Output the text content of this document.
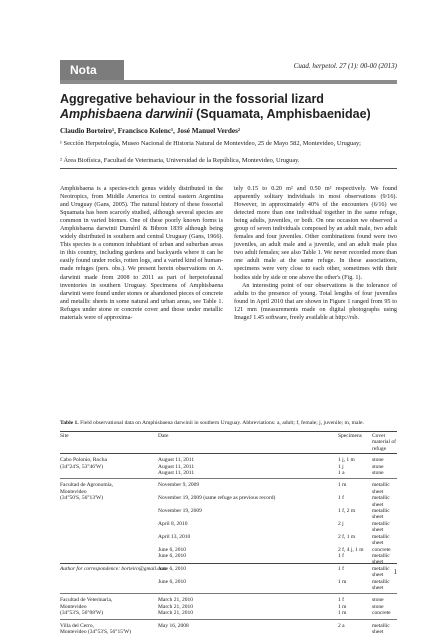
Nota	Cuad. herpetol. 27 (1): 00-00 (2013)
Aggregative behaviour in the fossorial lizard Amphisbaena darwinii (Squamata, Amphisbaenidae)
Claudio Borteiro¹, Francisco Kolenc¹, José Manuel Verdes²
¹ Sección Herpetología, Museo Nacional de Historia Natural de Montevideo, 25 de Mayo 582, Montevideo, Uruguay;
² Área Biofísica, Facultad de Veterinaria, Universidad de la República, Montevideo, Uruguay.

Amphisbaena is a species-rich genus widely distributed in the Neotropics, from Middle America to central eastern Argentina and Uruguay (Gans, 2005). The natural history of these fossorial Squamata has been scarcely studied, although several species are common in varied biomes. One of these poorly known forms is Amphisbaena darwinii Duméril & Bibron 1839 although being widely distributed in southern and central Uruguay (Gans, 1966). This species is a common inhabitant of urban and suburban areas in this country, including gardens and backyards where it can be easily found under rocks, rotten logs, and a varied kind of human-made refuges (pers. obs.). We present herein observations on A. darwinii made from 2008 to 2011 as part of herpetofaunal inventories in southern Uruguay. Specimens of Amphisbaena darwinii were found under stones or abandoned pieces of concrete and metallic sheets in some natural and urban areas, see Table 1. Refuges under stone or concrete cover and those under metallic materials were of approxima-

tely 0.15 to 0.20 m² and 0.50 m² respectively. We found apparently solitary individuals in most observations (9/16). However, in approximately 40% of the encounters (6/16) we detected more than one individual together in the same refuge, being adults, juveniles, or both. On one occasion we observed a group of seven individuals composed by an adult male, two adult females and four juveniles. Other combinations found were two juveniles, an adult male and a juvenile, and an adult male plus two adult females; see also Table 1. We never recorded more than one adult male at the same refuge. In these associations, specimens were very close to each other, sometimes with their bodies side by side or one above the other's (Fig. 1).

An interesting point of our observations is the tolerance of adults to the presence of young. Total lengths of four juveniles found in April 2010 that are shown in Figure 1 ranged from 95 to 121 mm (measurements made on digital photographs using ImageJ 1.45 software, freely available at http://rsb.

Table 1. Field observational data on Amphisbaena darwinii in southern Uruguay. Abbreviations: a, adult; f, female; j, juvenile; m, male.
Site	Date	Specimens	Cover material of refuge

Cabo Polonio, Rocha
(34°24'S, 53°46'W)	August 11, 2011	1 j, 1 m	stone
	August 11, 2011	1 j	stone
	August 11, 2011	1 a	stone

Facultad de Agronomía,
Montevideo
(34°50'S, 56°13'W)	November 9, 2009	1 m	metallic sheet
	November 19, 2009 (same refuge as previous record)	1 f	metallic sheet
	November 19, 2009	1 f, 2 m	metallic sheet
	April 8, 2010	2 j	metallic sheet
	April 13, 2010	2 f, 1 m	metallic sheet
	June 6, 2010	2 f, 4 j, 1 m	concrete
	June 6, 2010	1 f	metallic sheet
	June 6, 2010	1 f	metallic sheet
	June 6, 2010	1 m	metallic sheet

Facultad de Veterinaria,
Montevideo
(34°53'S, 56°08'W)	March 21, 2010	1 f	stone
	March 21, 2010	1 m	stone
	March 21, 2010	1 m	concrete

Villa del Cerro,
Montevideo (34°53'S, 56°15'W)	May 16, 2008	2 a	metallic sheet
Author for correspondence: borteiro@gmail.com	1
